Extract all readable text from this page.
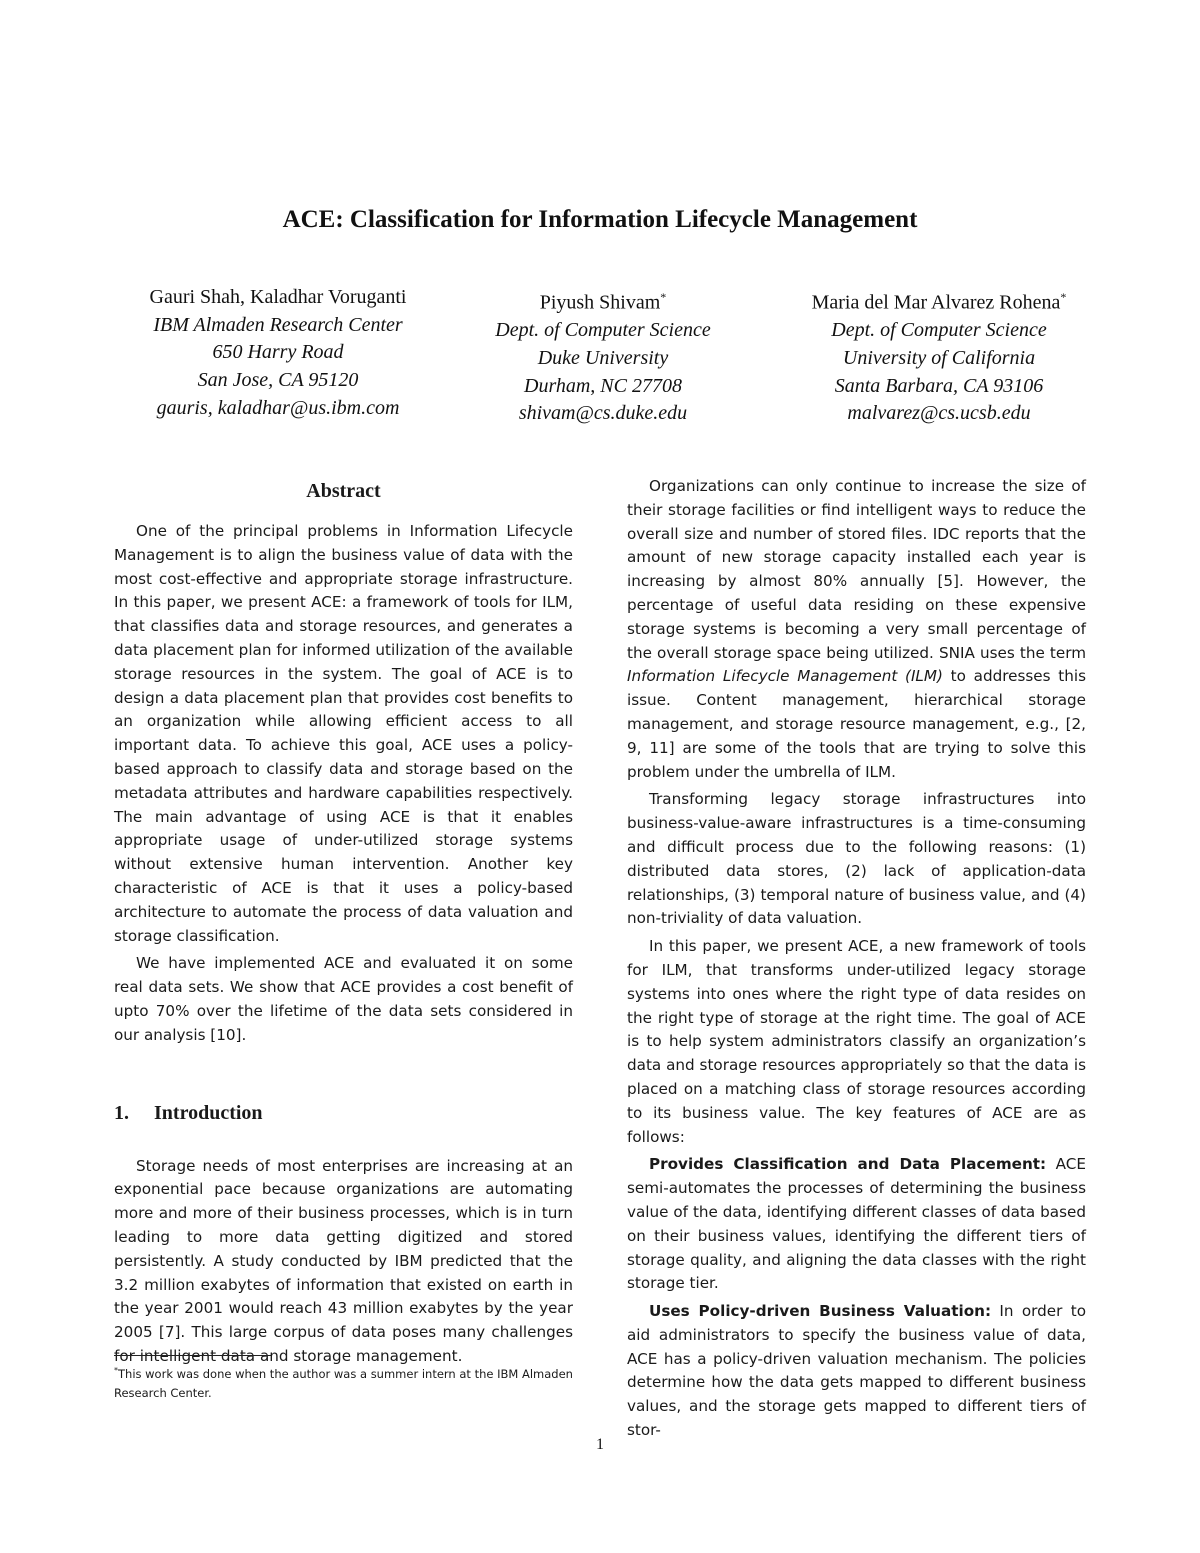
ACE: Classification for Information Lifecycle Management
Gauri Shah, Kaladhar Voruganti
IBM Almaden Research Center
650 Harry Road
San Jose, CA 95120
gauris, kaladhar@us.ibm.com
Piyush Shivam*
Dept. of Computer Science
Duke University
Durham, NC 27708
shivam@cs.duke.edu
Maria del Mar Alvarez Rohena*
Dept. of Computer Science
University of California
Santa Barbara, CA 93106
malvarez@cs.ucsb.edu
Abstract

One of the principal problems in Information Lifecycle Management is to align the business value of data with the most cost-effective and appropriate storage infrastructure. In this paper, we present ACE: a framework of tools for ILM, that classifies data and storage resources, and generates a data placement plan for informed utilization of the available storage resources in the system. The goal of ACE is to design a data placement plan that provides cost benefits to an organization while allowing efficient access to all important data. To achieve this goal, ACE uses a policy-based approach to classify data and storage based on the metadata attributes and hardware capabilities respectively. The main advantage of using ACE is that it enables appropriate usage of under-utilized storage systems without extensive human intervention. Another key characteristic of ACE is that it uses a policy-based architecture to automate the process of data valuation and storage classification.

We have implemented ACE and evaluated it on some real data sets. We show that ACE provides a cost benefit of upto 70% over the lifetime of the data sets considered in our analysis [10].

1. Introduction

Storage needs of most enterprises are increasing at an exponential pace because organizations are automating more and more of their business processes, which is in turn leading to more data getting digitized and stored persistently. A study conducted by IBM predicted that the 3.2 million exabytes of information that existed on earth in the year 2001 would reach 43 million exabytes by the year 2005 [7]. This large corpus of data poses many challenges for intelligent data and storage management.

Organizations can only continue to increase the size of their storage facilities or find intelligent ways to reduce the overall size and number of stored files. IDC reports that the amount of new storage capacity installed each year is increasing by almost 80% annually [5]. However, the percentage of useful data residing on these expensive storage systems is becoming a very small percentage of the overall storage space being utilized. SNIA uses the term Information Lifecycle Management (ILM) to addresses this issue. Content management, hierarchical storage management, and storage resource management, e.g., [2, 9, 11] are some of the tools that are trying to solve this problem under the umbrella of ILM.

Transforming legacy storage infrastructures into business-value-aware infrastructures is a time-consuming and difficult process due to the following reasons: (1) distributed data stores, (2) lack of application-data relationships, (3) temporal nature of business value, and (4) non-triviality of data valuation.

In this paper, we present ACE, a new framework of tools for ILM, that transforms under-utilized legacy storage systems into ones where the right type of data resides on the right type of storage at the right time. The goal of ACE is to help system administrators classify an organization’s data and storage resources appropriately so that the data is placed on a matching class of storage resources according to its business value. The key features of ACE are as follows:

Provides Classification and Data Placement: ACE semi-automates the processes of determining the business value of the data, identifying different classes of data based on their business values, identifying the different tiers of storage quality, and aligning the data classes with the right storage tier.

Uses Policy-driven Business Valuation: In order to aid administrators to specify the business value of data, ACE has a policy-driven valuation mechanism. The policies determine how the data gets mapped to different business values, and the storage gets mapped to different tiers of stor-

*This work was done when the author was a summer intern at the IBM Almaden Research Center.
1
